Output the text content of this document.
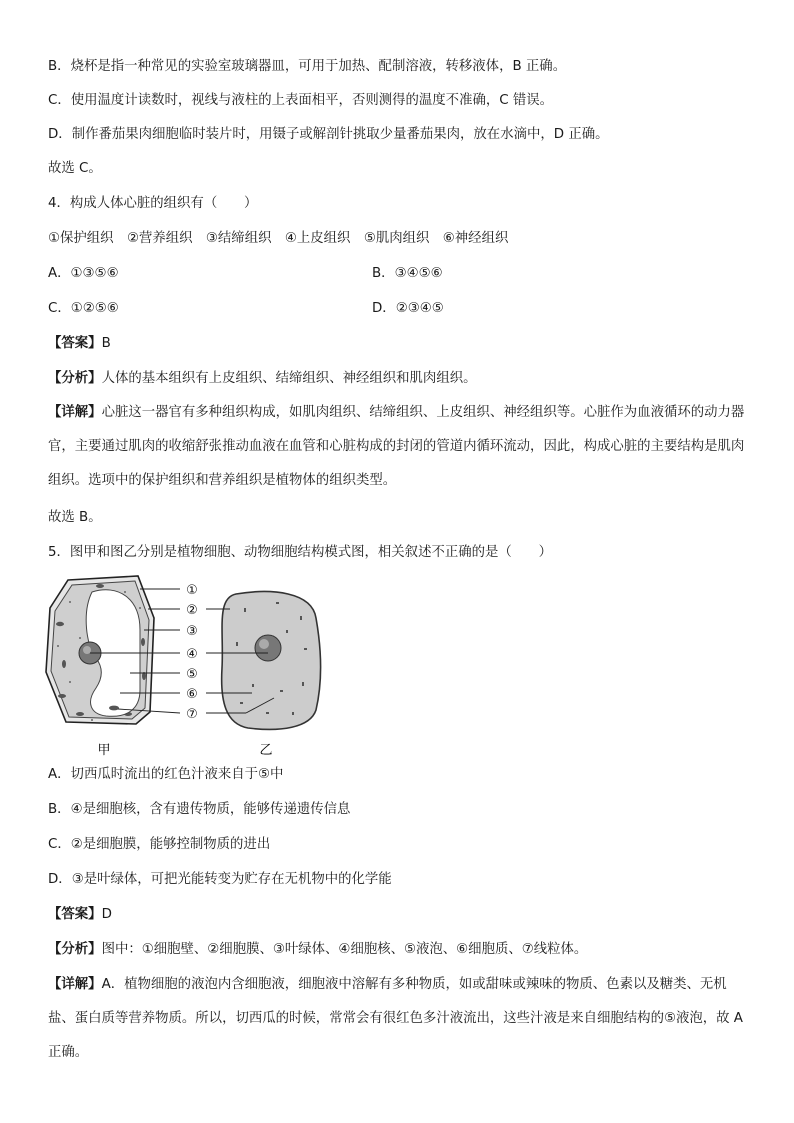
B．烧杯是指一种常见的实验室玻璃器皿，可用于加热、配制溶液，转移液体，B 正确。
C．使用温度计读数时，视线与液柱的上表面相平，否则测得的温度不准确，C 错误。
D．制作番茄果肉细胞临时装片时，用镊子或解剖针挑取少量番茄果肉，放在水滴中，D 正确。
故选 C。
4．构成人体心脏的组织有（　　）
①保护组织　②营养组织　③结缔组织　④上皮组织　⑤肌肉组织　⑥神经组织
A．①③⑤⑥	B．③④⑤⑥
C．①②⑤⑥	D．②③④⑤
【答案】B
【分析】人体的基本组织有上皮组织、结缔组织、神经组织和肌肉组织。
【详解】心脏这一器官有多种组织构成，如肌肉组织、结缔组织、上皮组织、神经组织等。心脏作为血液循环的动力器官，主要通过肌肉的收缩舒张推动血液在血管和心脏构成的封闭的管道内循环流动，因此，构成心脏的主要结构是肌肉组织。选项中的保护组织和营养组织是植物体的组织类型。
故选 B。
5．图甲和图乙分别是植物细胞、动物细胞结构模式图，相关叙述不正确的是（　　）
①
②
③
④
⑤
⑥
⑦
甲	乙
A．切西瓜时流出的红色汁液来自于⑤中
B．④是细胞核，含有遗传物质，能够传递遗传信息
C．②是细胞膜，能够控制物质的进出
D．③是叶绿体，可把光能转变为贮存在无机物中的化学能
【答案】D
【分析】图中：①细胞壁、②细胞膜、③叶绿体、④细胞核、⑤液泡、⑥细胞质、⑦线粒体。
【详解】A．植物细胞的液泡内含细胞液，细胞液中溶解有多种物质，如或甜味或辣味的物质、色素以及糖类、无机盐、蛋白质等营养物质。所以，切西瓜的时候，常常会有很红色多汁液流出，这些汁液是来自细胞结构的⑤液泡，故 A 正确。
